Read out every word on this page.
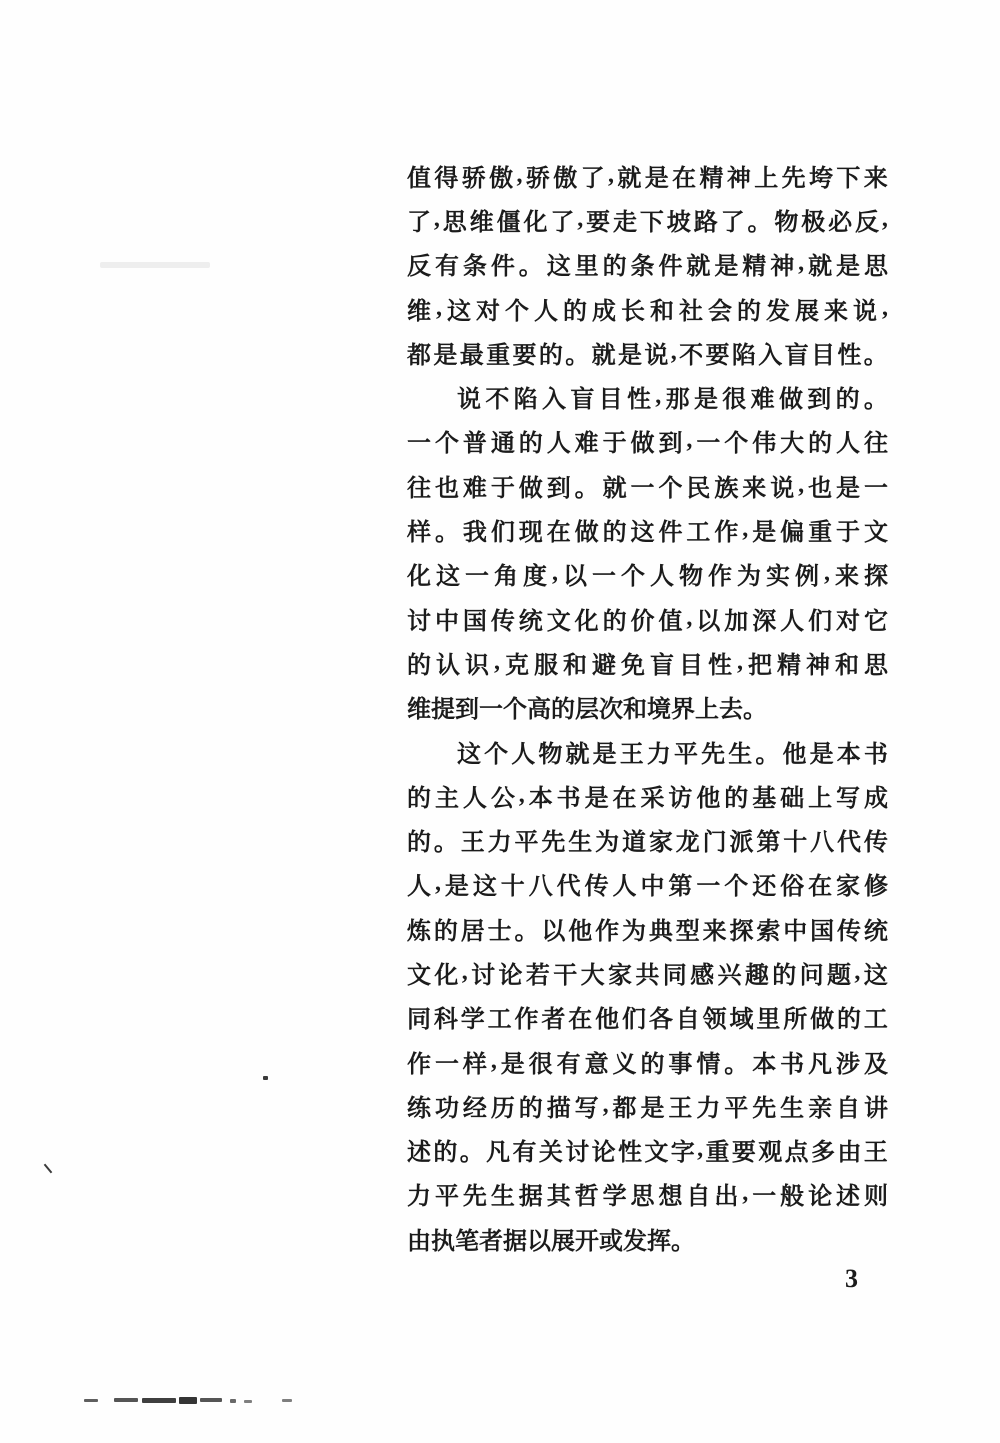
值 得 骄 傲 , 骄 傲 了 , 就 是 在 精 神 上 先 垮 下 来
了 , 思 维 僵 化 了 , 要 走 下 坡 路 了 。 物 极 必 反 ,
反 有 条 件 。 这 里 的 条 件 就 是 精 神 , 就 是 思
维 , 这 对 个 人 的 成 长 和 社 会 的 发 展 来 说 ,
都 是 最 重 要 的 。 就 是 说 , 不 要 陷 入 盲 目 性 。
说 不 陷 入 盲 目 性 , 那 是 很 难 做 到 的 。
一 个 普 通 的 人 难 于 做 到 , 一 个 伟 大 的 人 往
往 也 难 于 做 到 。 就 一 个 民 族 来 说 , 也 是 一
样 。 我 们 现 在 做 的 这 件 工 作 , 是 偏 重 于 文
化 这 一 角 度 , 以 一 个 人 物 作 为 实 例 , 来 探
讨 中 国 传 统 文 化 的 价 值 , 以 加 深 人 们 对 它
的 认 识 , 克 服 和 避 免 盲 目 性 , 把 精 神 和 思
维 提 到 一 个 高 的 层 次 和 境 界 上 去 。
这 个 人 物 就 是 王 力 平 先 生 。 他 是 本 书
的 主 人 公 , 本 书 是 在 采 访 他 的 基 础 上 写 成
的 。 王 力 平 先 生 为 道 家 龙 门 派 第 十 八 代 传
人 , 是 这 十 八 代 传 人 中 第 一 个 还 俗 在 家 修
炼 的 居 士 。 以 他 作 为 典 型 来 探 索 中 国 传 统
文 化 , 讨 论 若 干 大 家 共 同 感 兴 趣 的 问 题 , 这
同 科 学 工 作 者 在 他 们 各 自 领 域 里 所 做 的 工
作 一 样 , 是 很 有 意 义 的 事 情 。 本 书 凡 涉 及
练 功 经 历 的 描 写 , 都 是 王 力 平 先 生 亲 自 讲
述 的 。 凡 有 关 讨 论 性 文 字 , 重 要 观 点 多 由 王
力 平 先 生 据 其 哲 学 思 想 自 出 , 一 般 论 述 则
由 执 笔 者 据 以 展 开 或 发 挥 。
3
